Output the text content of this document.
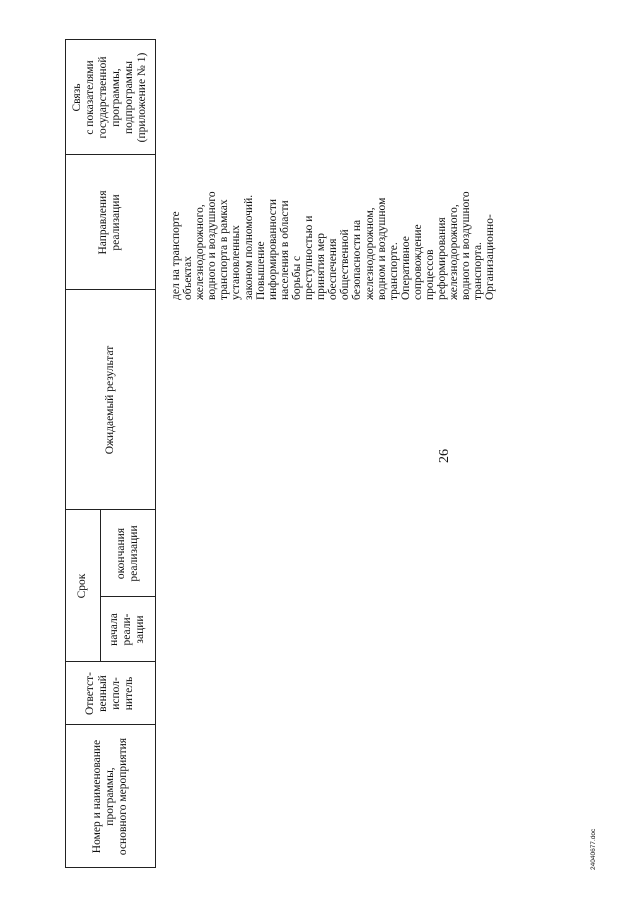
Номер и наименование
программы,
основного мероприятия
Ответст-
венный
испол-
нитель
Срок
начала
реали-
зации
окончания
реализации
Ожидаемый результат
Направления
реализации
Связь
с показателями
государственной
программы,
подпрограммы
(приложение № 1)
26
дел на транспорте
объектах
железнодорожного,
водного и воздушного
транспорта в рамках
установленных
законом полномочий.
Повышение
информированности
населения в области
борьбы с
преступностью и
принятия мер
обеспечения
общественной
безопасности на
железнодорожном,
водном и воздушном
транспорте.
Оперативное
сопровождение
процессов
реформирования
железнодорожного,
водного и воздушного
транспорта.
Организационно-
24040677.doc
